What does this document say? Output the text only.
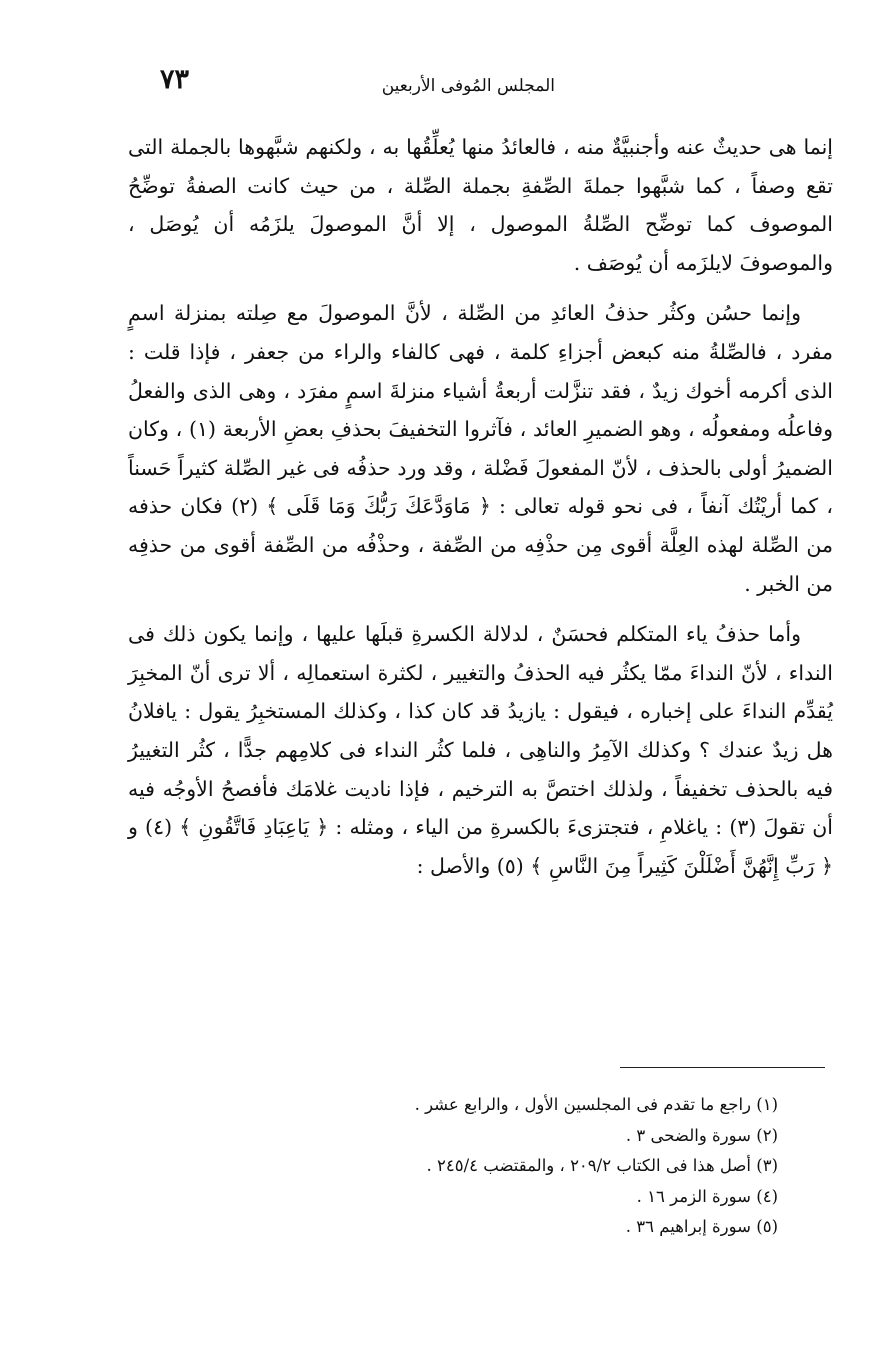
المجلس المُوفى الأربعين
٧٣

إنما هى حديثٌ عنه وأجنبيَّةٌ منه ، فالعائدُ منها يُعلِّقُها به ، ولكنهم شبَّهوها بالجملة التى تقع وصفاً ، كما شبَّهوا جملةَ الصِّفةِ بجملة الصِّلة ، من حيث كانت الصفةُ توضِّحُ الموصوف كما توضِّح الصِّلةُ الموصول ، إلا أنَّ الموصولَ يلزَمُه أن يُوصَل ، والموصوفَ لايلزَمه أن يُوصَف .

وإنما حسُن وكثُر حذفُ العائدِ من الصِّلة ، لأنَّ الموصولَ مع صِلته بمنزلة اسمٍ مفرد ، فالصِّلةُ منه كبعض أجزاءِ كلمة ، فهى كالفاء والراء من جعفر ، فإذا قلت : الذى أكرمه أخوك زيدٌ ، فقد تنزَّلت أربعةُ أشياء منزلةَ اسمٍ مفرَد ، وهى الذى والفعلُ وفاعلُه ومفعولُه ، وهو الضميرِ العائد ، فآثروا التخفيفَ بحذفِ بعضِ الأربعة (١) ، وكان الضميرُ أولى بالحذف ، لأنّ المفعولَ فَضْلة ، وقد ورد حذفُه فى غير الصِّلة كثيراً حَسناً ، كما أريْتُك آنفاً ، فى نحو قوله تعالى : ﴿ مَاوَدَّعَكَ رَبُّكَ وَمَا قَلَى ﴾ (٢) فكان حذفه من الصِّلة لهذه العِلَّة أقوى مِن حذْفِه من الصِّفة ، وحذْفُه من الصِّفة أقوى من حذفِه من الخبر .

وأما حذفُ ياء المتكلم فحسَنٌ ، لدلالة الكسرةِ قبلَها عليها ، وإنما يكون ذلك فى النداء ، لأنّ النداءَ ممّا يكثُر فيه الحذفُ والتغيير ، لكثرة استعمالِه ، ألا ترى أنّ المخبِرَ يُقدِّم النداءَ على إخباره ، فيقول : يازيدُ قد كان كذا ، وكذلك المستخبِرُ يقول : يافلانُ هل زيدٌ عندك ؟ وكذلك الآمِرُ والناهِى ، فلما كثُر النداء فى كلامِهم جدًّا ، كثُر التغييرُ فيه بالحذف تخفيفاً ، ولذلك اختصَّ به الترخيم ، فإذا ناديت غلامَك فأفصحُ الأوجُه فيه أن تقولَ (٣) : ياغلامِ ، فتجتزىءَ بالكسرةِ من الياء ، ومثله : ﴿ يَاعِبَادِ فَاتَّقُونِ ﴾ (٤) و ﴿ رَبِّ إِنَّهُنَّ أَضْلَلْنَ كَثِيراً مِنَ النَّاسِ ﴾ (٥) والأصل :

(١) راجع ما تقدم فى المجلسين الأول ، والرابع عشر .
(٢) سورة والضحى ٣ .
(٣) أصل هذا فى الكتاب ٢٠٩/٢ ، والمقتضب ٢٤٥/٤ .
(٤) سورة الزمر ١٦ .
(٥) سورة إبراهيم ٣٦ .
